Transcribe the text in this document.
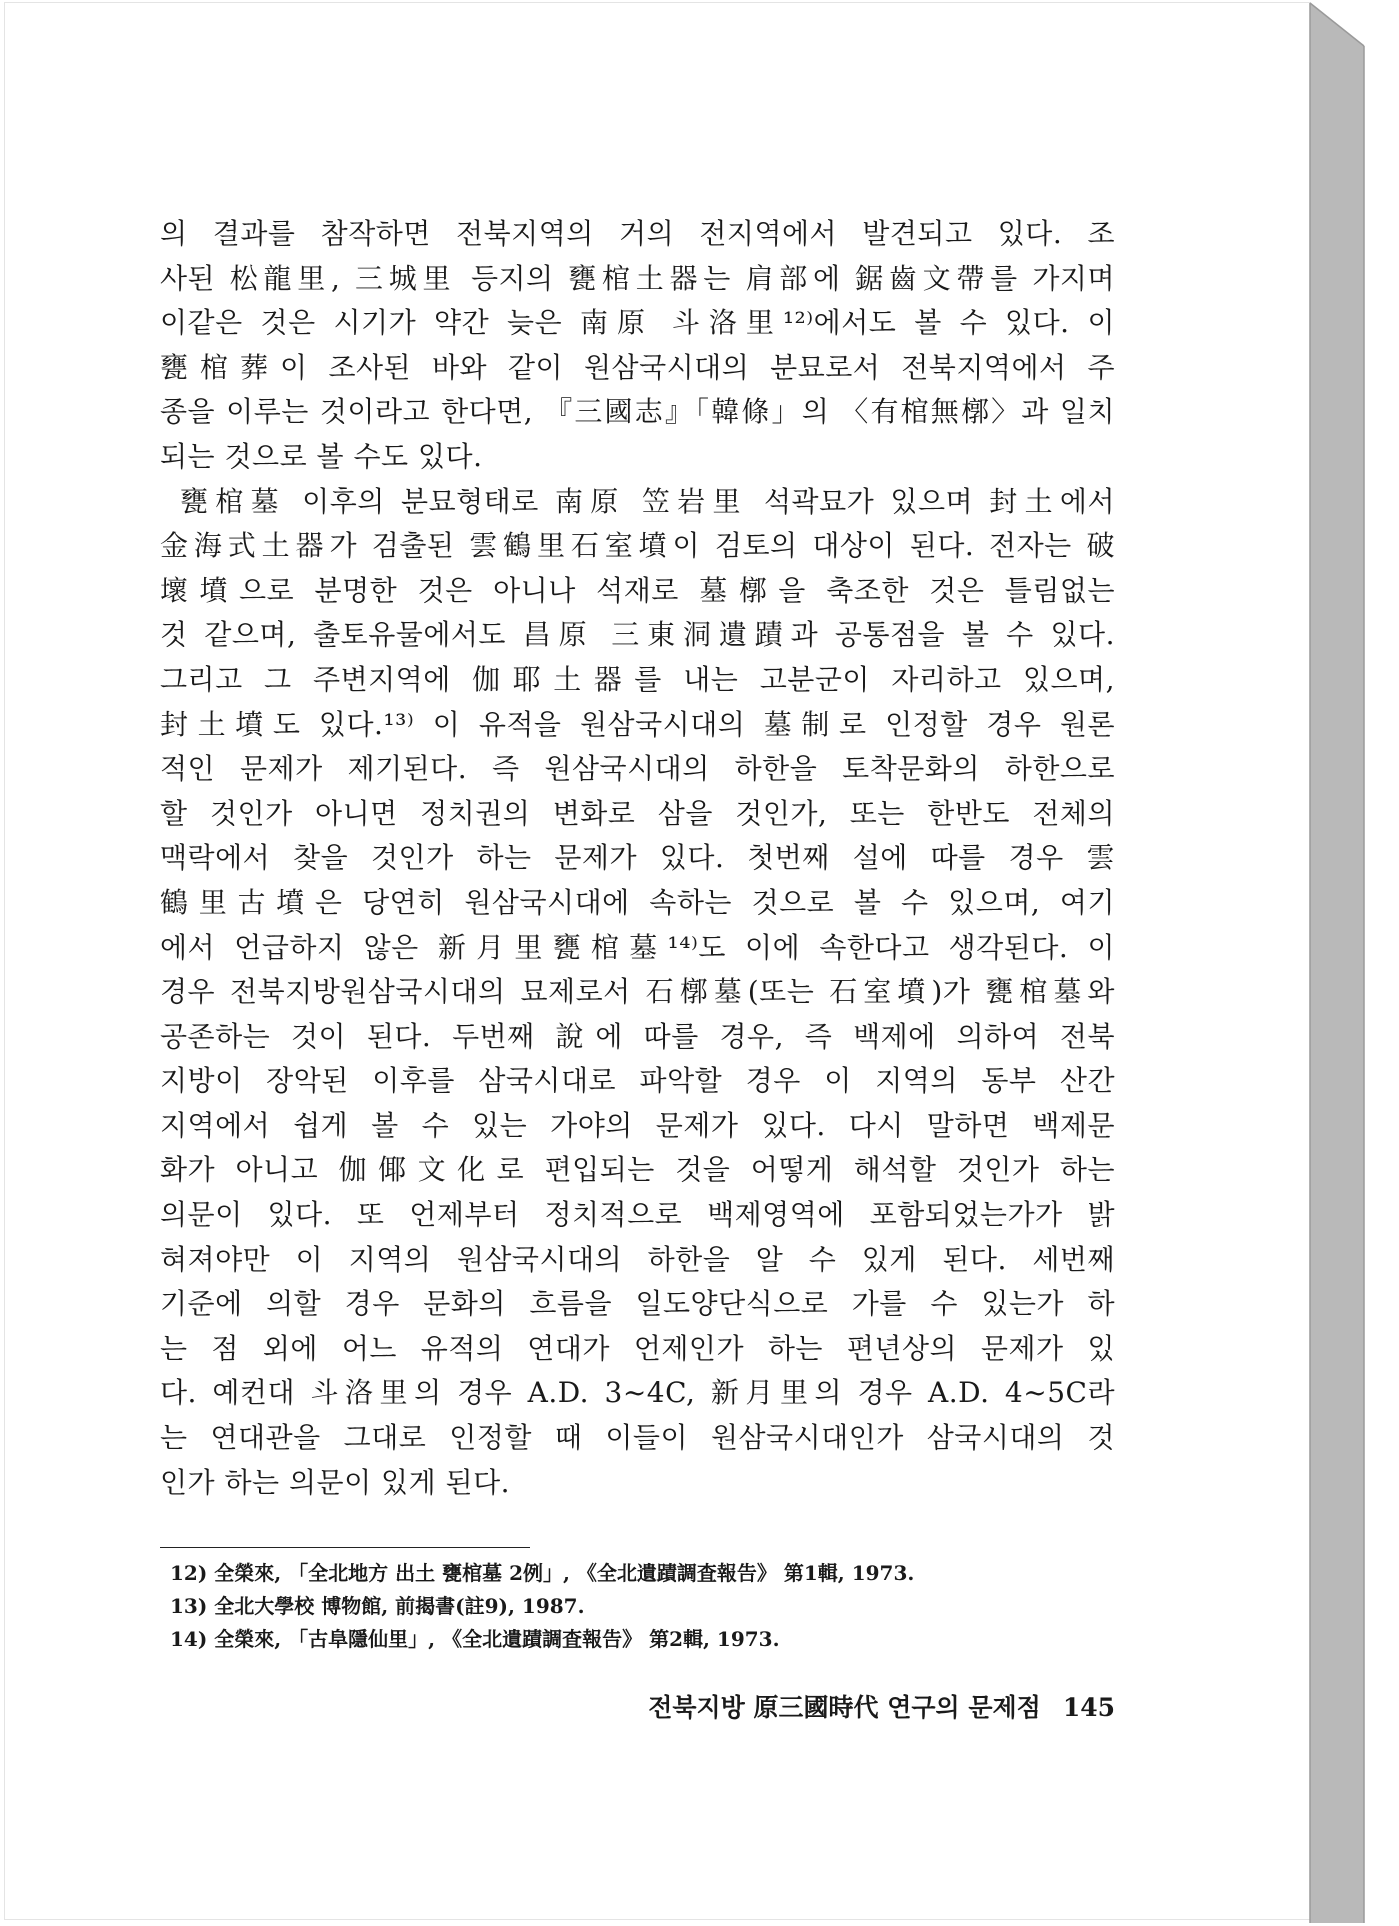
의 결과를 참작하면 전북지역의 거의 전지역에서 발견되고 있다. 조
사된 松龍里, 三城里 등지의 甕棺土器는 肩部에 鋸齒文帶를 가지며
이같은 것은 시기가 약간 늦은 南原 斗洛里¹²⁾에서도 볼 수 있다. 이
甕棺葬이 조사된 바와 같이 원삼국시대의 분묘로서 전북지역에서 주
종을 이루는 것이라고 한다면, 『三國志』「韓條」의 〈有棺無槨〉과 일치
되는 것으로 볼 수도 있다.
甕棺墓 이후의 분묘형태로 南原 笠岩里 석곽묘가 있으며 封土에서
金海式土器가 검출된 雲鶴里石室墳이 검토의 대상이 된다. 전자는 破
壞墳으로 분명한 것은 아니나 석재로 墓槨을 축조한 것은 틀림없는
것 같으며, 출토유물에서도 昌原 三東洞遺蹟과 공통점을 볼 수 있다.
그리고 그 주변지역에 伽耶土器를 내는 고분군이 자리하고 있으며,
封土墳도 있다.¹³⁾ 이 유적을 원삼국시대의 墓制로 인정할 경우 원론
적인 문제가 제기된다. 즉 원삼국시대의 하한을 토착문화의 하한으로
할 것인가 아니면 정치권의 변화로 삼을 것인가, 또는 한반도 전체의
맥락에서 찾을 것인가 하는 문제가 있다. 첫번째 설에 따를 경우 雲
鶴里古墳은 당연히 원삼국시대에 속하는 것으로 볼 수 있으며, 여기
에서 언급하지 않은 新月里甕棺墓¹⁴⁾도 이에 속한다고 생각된다. 이
경우 전북지방원삼국시대의 묘제로서 石槨墓(또는 石室墳)가 甕棺墓와
공존하는 것이 된다. 두번째 說에 따를 경우, 즉 백제에 의하여 전북
지방이 장악된 이후를 삼국시대로 파악할 경우 이 지역의 동부 산간
지역에서 쉽게 볼 수 있는 가야의 문제가 있다. 다시 말하면 백제문
화가 아니고 伽倻文化로 편입되는 것을 어떻게 해석할 것인가 하는
의문이 있다. 또 언제부터 정치적으로 백제영역에 포함되었는가가 밝
혀져야만 이 지역의 원삼국시대의 하한을 알 수 있게 된다. 세번째
기준에 의할 경우 문화의 흐름을 일도양단식으로 가를 수 있는가 하
는 점 외에 어느 유적의 연대가 언제인가 하는 편년상의 문제가 있
다. 예컨대 斗洛里의 경우 A.D. 3~4C, 新月里의 경우 A.D. 4~5C라
는 연대관을 그대로 인정할 때 이들이 원삼국시대인가 삼국시대의 것
인가 하는 의문이 있게 된다.
12) 全榮來, 「全北地方 出土 甕棺墓 2例」, 《全北遺蹟調査報告》 第1輯, 1973.
13) 全北大學校 博物館, 前揭書(註9), 1987.
14) 全榮來, 「古阜隱仙里」, 《全北遺蹟調査報告》 第2輯, 1973.
전북지방 原三國時代 연구의 문제점 145
